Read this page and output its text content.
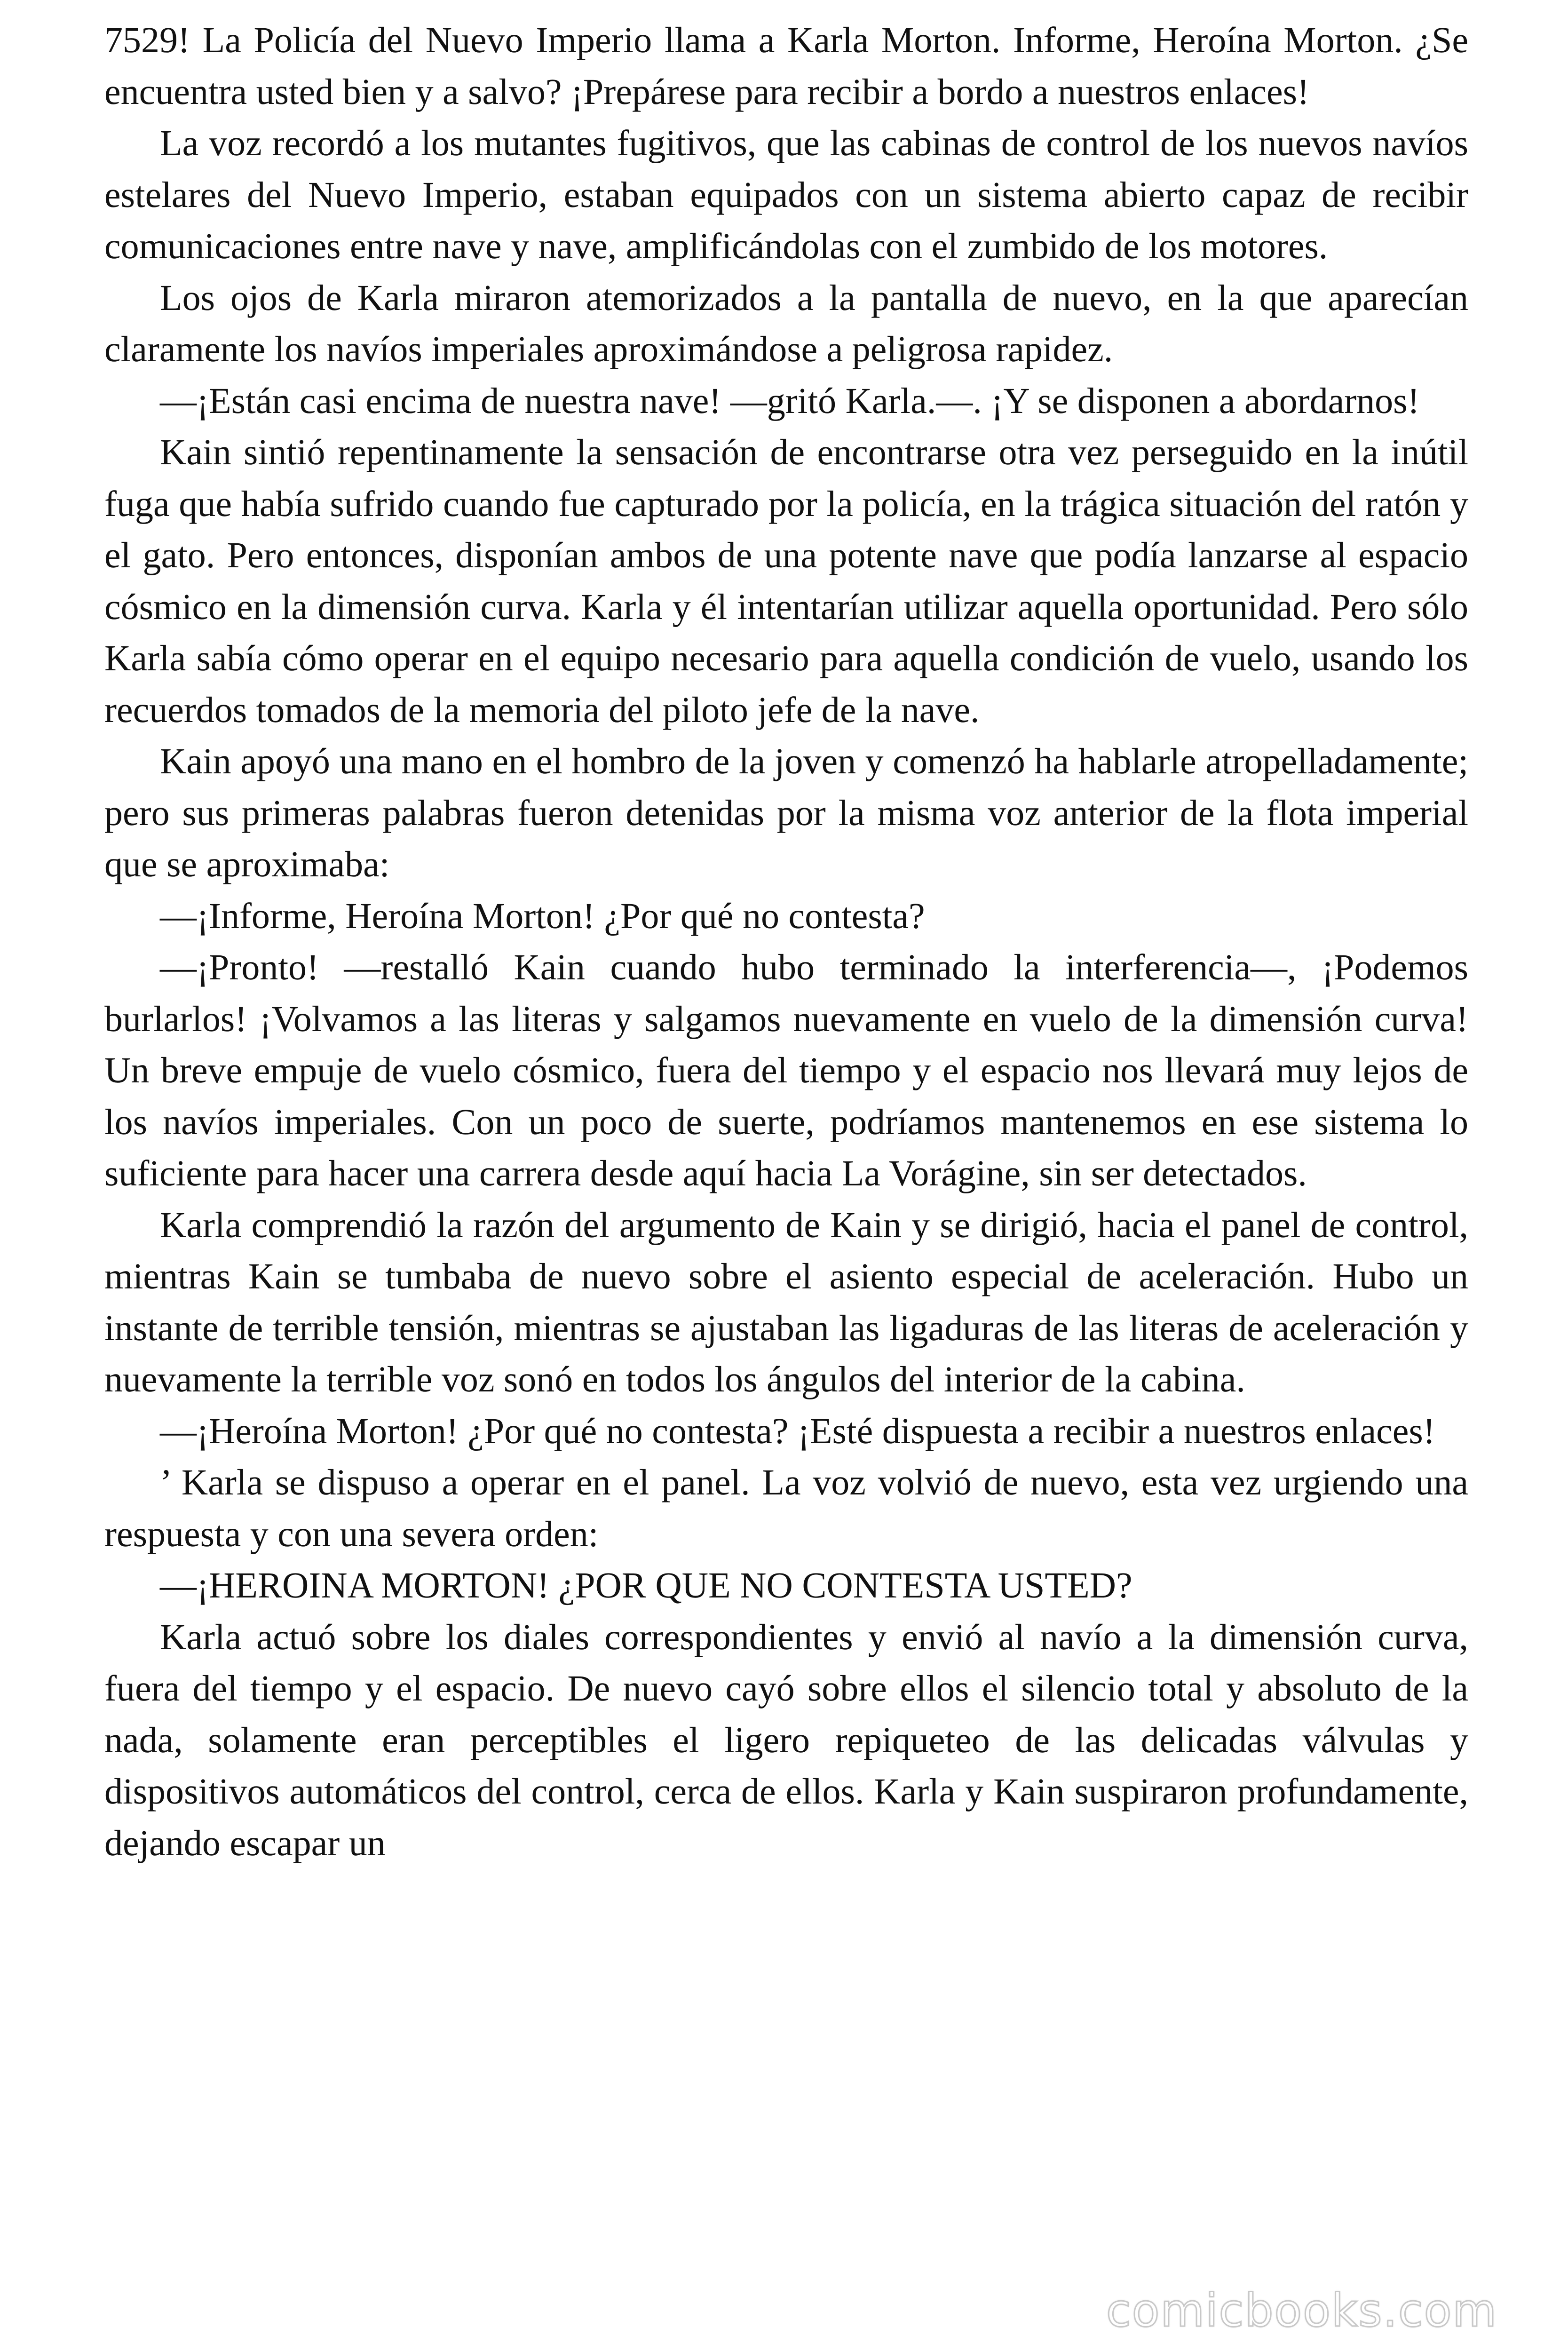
7529! La Policía del Nuevo Imperio llama a Karla Morton. Informe, Heroína Morton. ¿Se encuentra usted bien y a salvo? ¡Prepárese para recibir a bordo a nuestros enlaces!

La voz recordó a los mutantes fugitivos, que las cabinas de control de los nuevos navíos estelares del Nuevo Imperio, estaban equipados con un sistema abierto capaz de recibir comunicaciones entre nave y nave, amplificándolas con el zumbido de los motores.

Los ojos de Karla miraron atemorizados a la pantalla de nuevo, en la que aparecían claramente los navíos imperiales aproximándose a peligrosa rapidez.

—¡Están casi encima de nuestra nave! —gritó Karla.—. ¡Y se disponen a abordarnos!

Kain sintió repentinamente la sensación de encontrarse otra vez perseguido en la inútil fuga que había sufrido cuando fue capturado por la policía, en la trágica situación del ratón y el gato. Pero entonces, disponían ambos de una potente nave que podía lanzarse al espacio cósmico en la dimensión curva. Karla y él intentarían utilizar aquella oportunidad. Pero sólo Karla sabía cómo operar en el equipo necesario para aquella condición de vuelo, usando los recuerdos tomados de la memoria del piloto jefe de la nave.

Kain apoyó una mano en el hombro de la joven y comenzó ha hablarle atropelladamente; pero sus primeras palabras fueron detenidas por la misma voz anterior de la flota imperial que se aproximaba:

—¡Informe, Heroína Morton! ¿Por qué no contesta?

—¡Pronto! —restalló Kain cuando hubo terminado la interferencia—, ¡Podemos burlarlos! ¡Volvamos a las literas y salgamos nuevamente en vuelo de la dimensión curva! Un breve empuje de vuelo cósmico, fuera del tiempo y el espacio nos llevará muy lejos de los navíos imperiales. Con un poco de suerte, podríamos mantenemos en ese sistema lo suficiente para hacer una carrera desde aquí hacia La Vorágine, sin ser detectados.

Karla comprendió la razón del argumento de Kain y se dirigió, hacia el panel de control, mientras Kain se tumbaba de nuevo sobre el asiento especial de aceleración. Hubo un instante de terrible tensión, mientras se ajustaban las ligaduras de las literas de aceleración y nuevamente la terrible voz sonó en todos los ángulos del interior de la cabina.

—¡Heroína Morton! ¿Por qué no contesta? ¡Esté dispuesta a recibir a nuestros enlaces!

’ Karla se dispuso a operar en el panel. La voz volvió de nuevo, esta vez urgiendo una respuesta y con una severa orden:

—¡HEROINA MORTON! ¿POR QUE NO CONTESTA USTED?

Karla actuó sobre los diales correspondientes y envió al navío a la dimensión curva, fuera del tiempo y el espacio. De nuevo cayó sobre ellos el silencio total y absoluto de la nada, solamente eran perceptibles el ligero repiqueteo de las delicadas válvulas y dispositivos automáticos del control, cerca de ellos. Karla y Kain suspiraron profundamente, dejando escapar un

comicbooks.com
